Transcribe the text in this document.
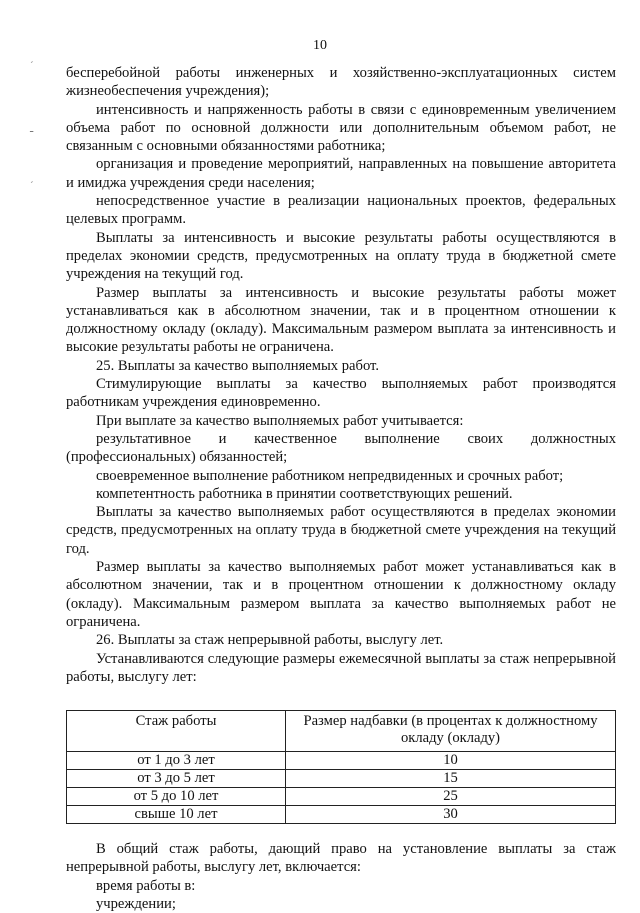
10
´
ـ
´

бесперебойной работы инженерных и хозяйственно-эксплуатационных систем жизнеобеспечения учреждения);

интенсивность и напряженность работы в связи с единовременным увеличением объема работ по основной должности или дополнительным объемом работ, не связанным с основными обязанностями работника;

организация и проведение мероприятий, направленных на повышение авторитета и имиджа учреждения среди населения;

непосредственное участие в реализации национальных проектов, федеральных целевых программ.

Выплаты за интенсивность и высокие результаты работы осуществляются в пределах экономии средств, предусмотренных на оплату труда в бюджетной смете учреждения на текущий год.

Размер выплаты за интенсивность и высокие результаты работы может устанавливаться как в абсолютном значении, так и в процентном отношении к должностному окладу (окладу). Максимальным размером выплата за интенсивность и высокие результаты работы не ограничена.

25. Выплаты за качество выполняемых работ.

Стимулирующие выплаты за качество выполняемых работ производятся работникам учреждения единовременно.

При выплате за качество выполняемых работ учитывается:

результативное и качественное выполнение своих должностных (профессиональных) обязанностей;

своевременное выполнение работником непредвиденных и срочных работ;

компетентность работника в принятии соответствующих решений.

Выплаты за качество выполняемых работ осуществляются в пределах экономии средств, предусмотренных на оплату труда в бюджетной смете учреждения на текущий год.

Размер выплаты за качество выполняемых работ может устанавливаться как в абсолютном значении, так и в процентном отношении к должностному окладу (окладу). Максимальным размером выплата за качество выполняемых работ не ограничена.

26. Выплаты за стаж непрерывной работы, выслугу лет.

Устанавливаются следующие размеры ежемесячной выплаты за стаж непрерывной работы, выслугу лет:

Стаж работы	Размер надбавки (в процентах к должностному окладу (окладу)
от 1 до 3 лет	10
от 3 до 5 лет	15
от 5 до 10 лет	25
свыше 10 лет	30

В общий стаж работы, дающий право на установление выплаты за стаж непрерывной работы, выслугу лет, включается:

время работы в:

учреждении;
